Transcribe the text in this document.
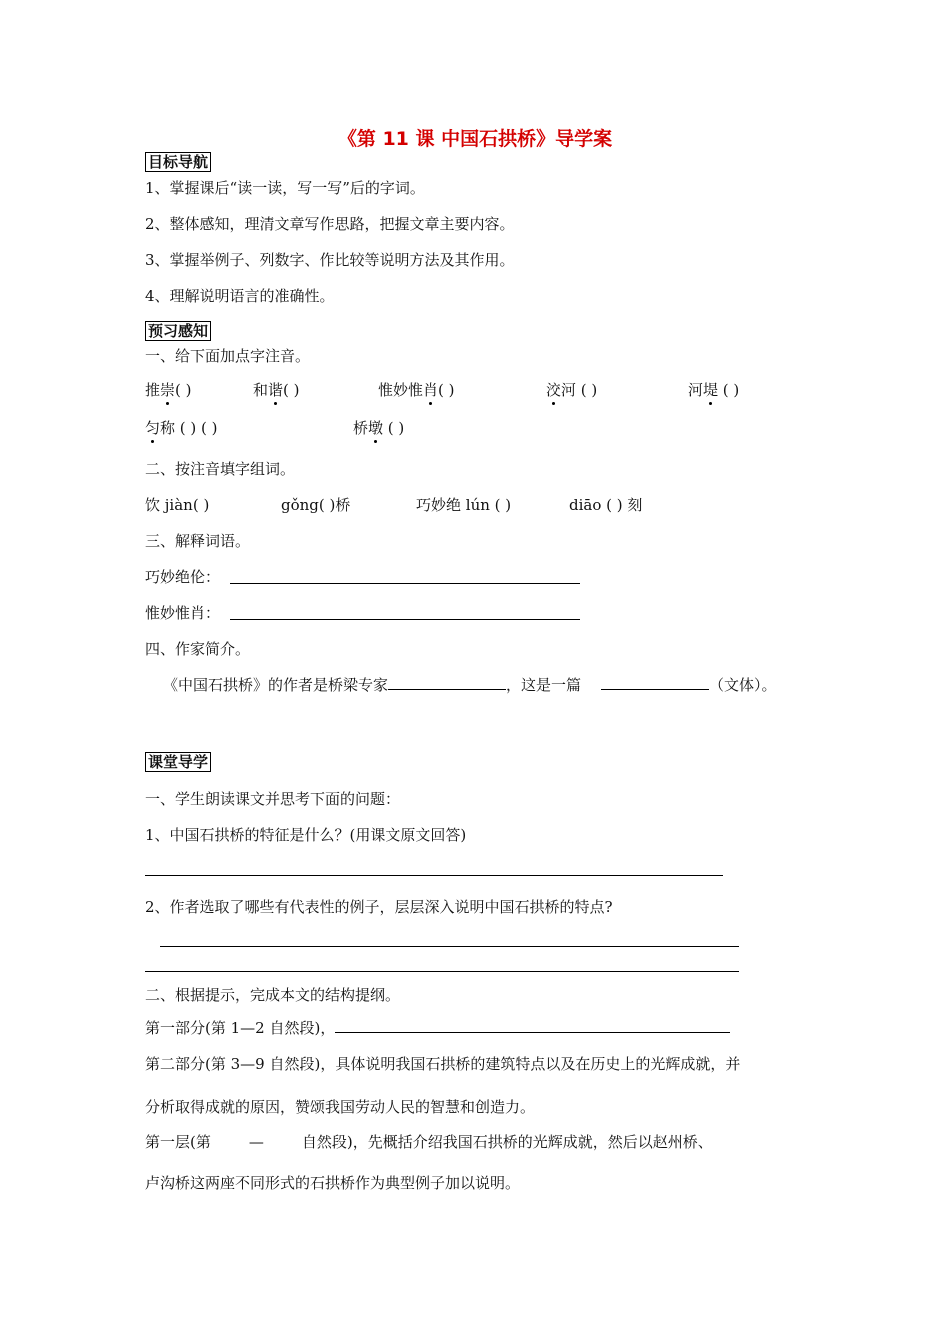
《第 11 课 中国石拱桥》导学案
目标导航
1、掌握课后“读一读，写一写”后的字词。
2、整体感知，理清文章写作思路，把握文章主要内容。
3、掌握举例子、列数字、作比较等说明方法及其作用。
4、理解说明语言的准确性。
预习感知
一、给下面加点字注音。
推崇( )	和谐( )	惟妙惟肖( )	洨河 ( )	河堤 ( )
匀称 ( ) ( )	桥墩 ( )
二、按注音填字组词。
饮 jiàn( )	gǒng( )桥	巧妙绝 lún ( )	diāo ( ) 刻
三、解释词语。
巧妙绝伦：
惟妙惟肖：
四、作家简介。
《中国石拱桥》的作者是桥梁专家	，这是一篇	（文体）。
课堂导学
一、学生朗读课文并思考下面的问题：
1、中国石拱桥的特征是什么？(用课文原文回答)
2、作者选取了哪些有代表性的例子，层层深入说明中国石拱桥的特点?
二、根据提示，完成本文的结构提纲。
第一部分(第 1—2 自然段)，
第二部分(第 3—9 自然段)，具体说明我国石拱桥的建筑特点以及在历史上的光辉成就，并
分析取得成就的原因，赞颂我国劳动人民的智慧和创造力。
第一层(第	—	自然段)，先概括介绍我国石拱桥的光辉成就，然后以赵州桥、
卢沟桥这两座不同形式的石拱桥作为典型例子加以说明。
